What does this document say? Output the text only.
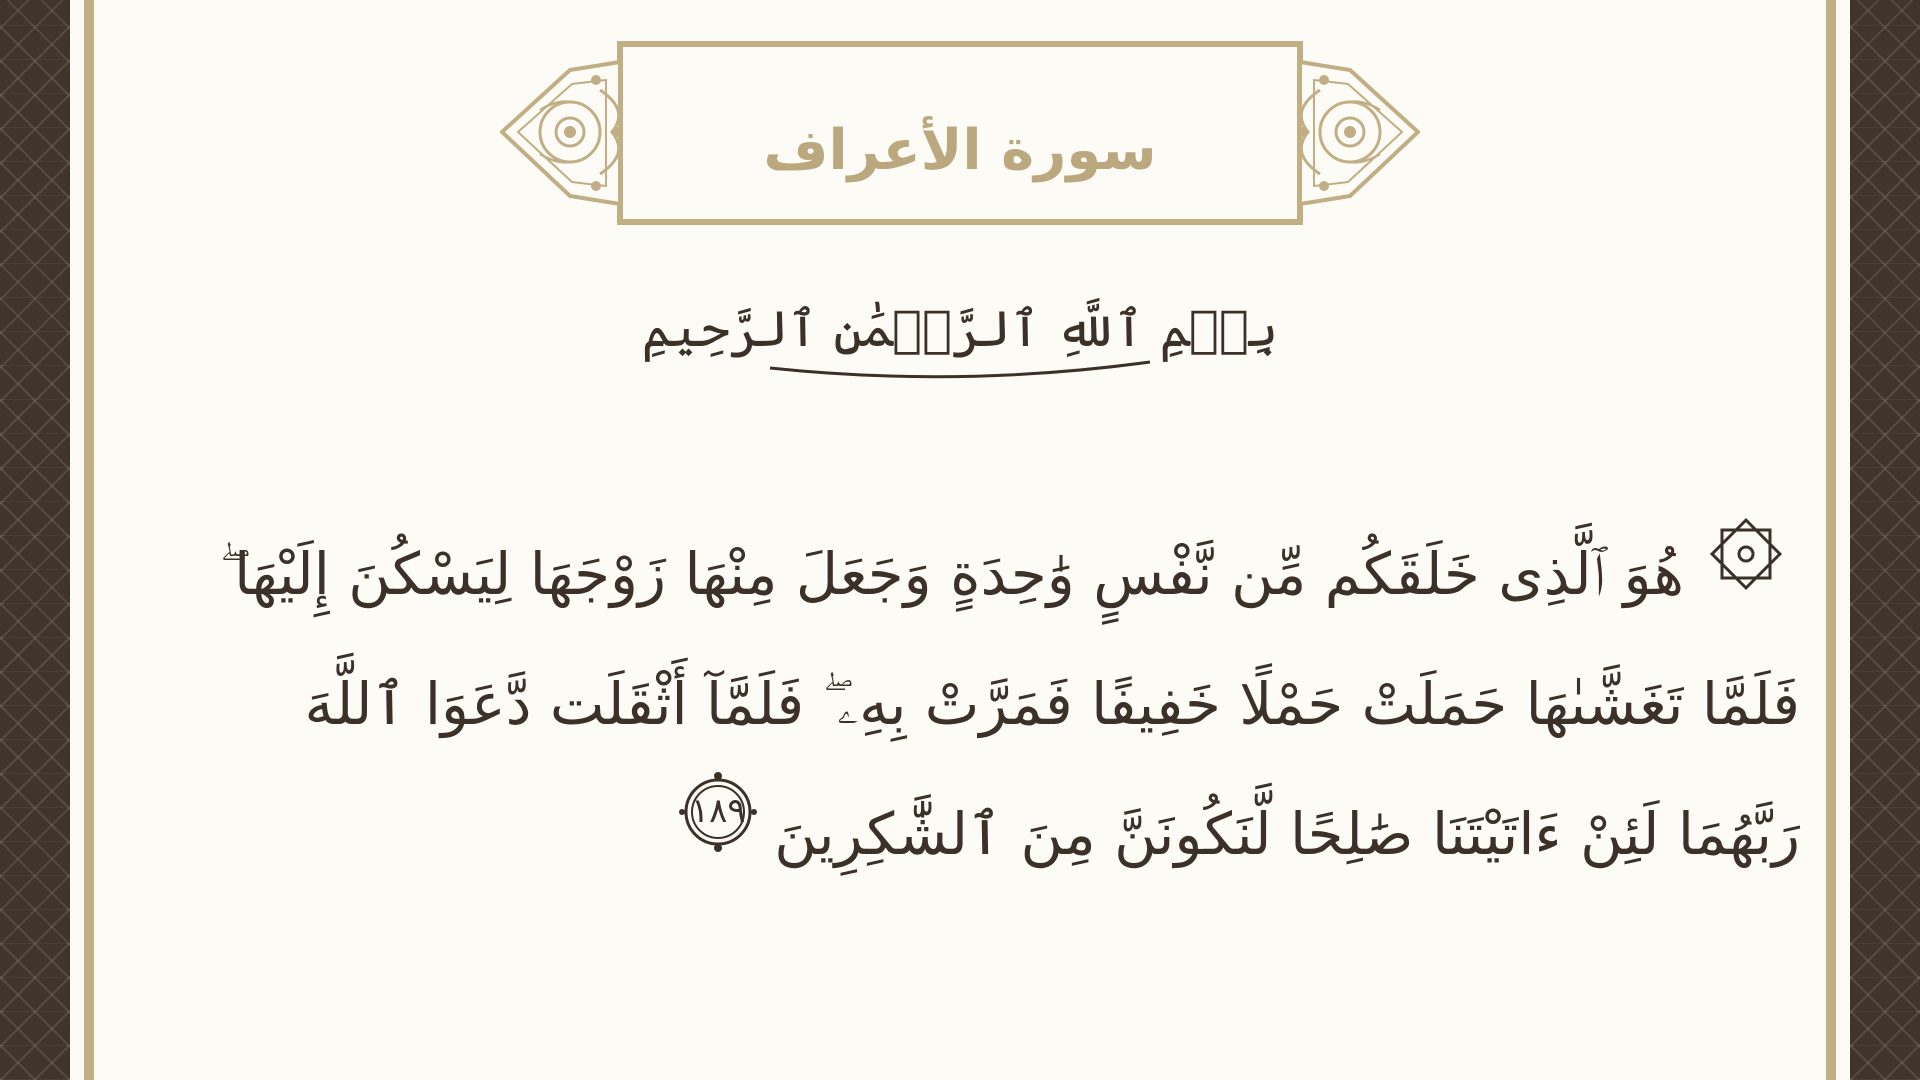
سورة الأعراف
بِسۡمِ ٱللَّهِ ٱلرَّحۡمَٰنِ ٱلرَّحِيمِ
هُوَ ٱلَّذِى خَلَقَكُم مِّن نَّفْسٍ وَٰحِدَةٍ وَجَعَلَ مِنْهَا زَوْجَهَا لِيَسْكُنَ إِلَيْهَا ۖ
فَلَمَّا تَغَشَّىٰهَا حَمَلَتْ حَمْلًا خَفِيفًا فَمَرَّتْ بِهِۦ ۖ فَلَمَّآ أَثْقَلَت دَّعَوَا ٱللَّهَ
رَبَّهُمَا لَئِنْ ءَاتَيْتَنَا صَٰلِحًا لَّنَكُونَنَّ مِنَ ٱلشَّٰكِرِينَ
١٨٩
